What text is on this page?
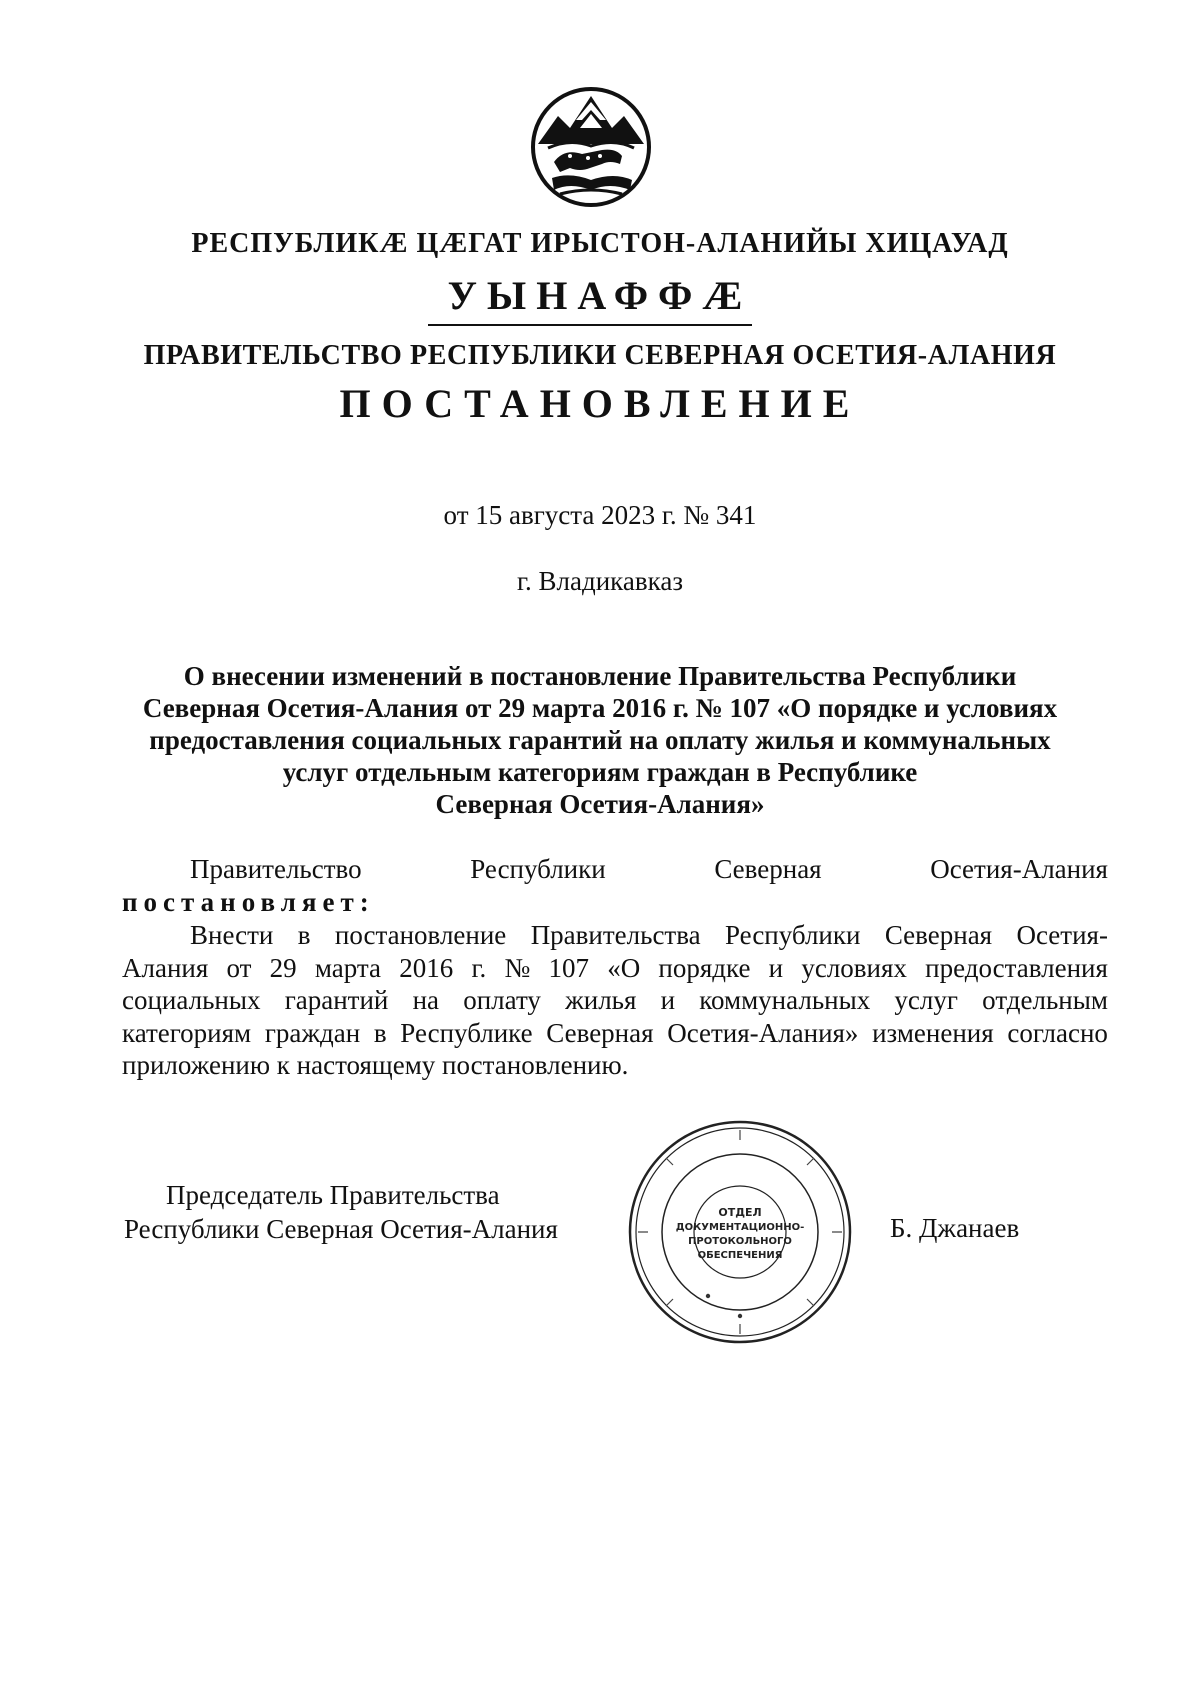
РЕСПУБЛИКӔ ЦӔГАТ ИРЫСТОН-АЛАНИЙЫ ХИЦАУАД
УЫНАФФӔ
ПРАВИТЕЛЬСТВО РЕСПУБЛИКИ СЕВЕРНАЯ ОСЕТИЯ-АЛАНИЯ
ПОСТАНОВЛЕНИЕ
от 15 августа 2023 г. № 341
г. Владикавказ
О внесении изменений в постановление Правительства Республики
Северная Осетия-Алания от 29 марта 2016 г. № 107 «О порядке и условиях
предоставления социальных гарантий на оплату жилья и коммунальных
услуг отдельным категориям граждан в Республике
Северная Осетия-Алания»
Правительство	Республики	Северная	Осетия-Алания
постановляет:
Внести в постановление Правительства Республики Северная Осетия-
Алания от 29 марта 2016 г. № 107 «О порядке и условиях предоставления
социальных гарантий на оплату жилья и коммунальных услуг отдельным
категориям граждан в Республике Северная Осетия-Алания» изменения согласно
приложению к настоящему постановлению.
Председатель Правительства
Республики Северная Осетия-Алания	Б. Джанаев
ОТДЕЛ
ДОКУМЕНТАЦИОННО-
ПРОТОКОЛЬНОГО
ОБЕСПЕЧЕНИЯ
